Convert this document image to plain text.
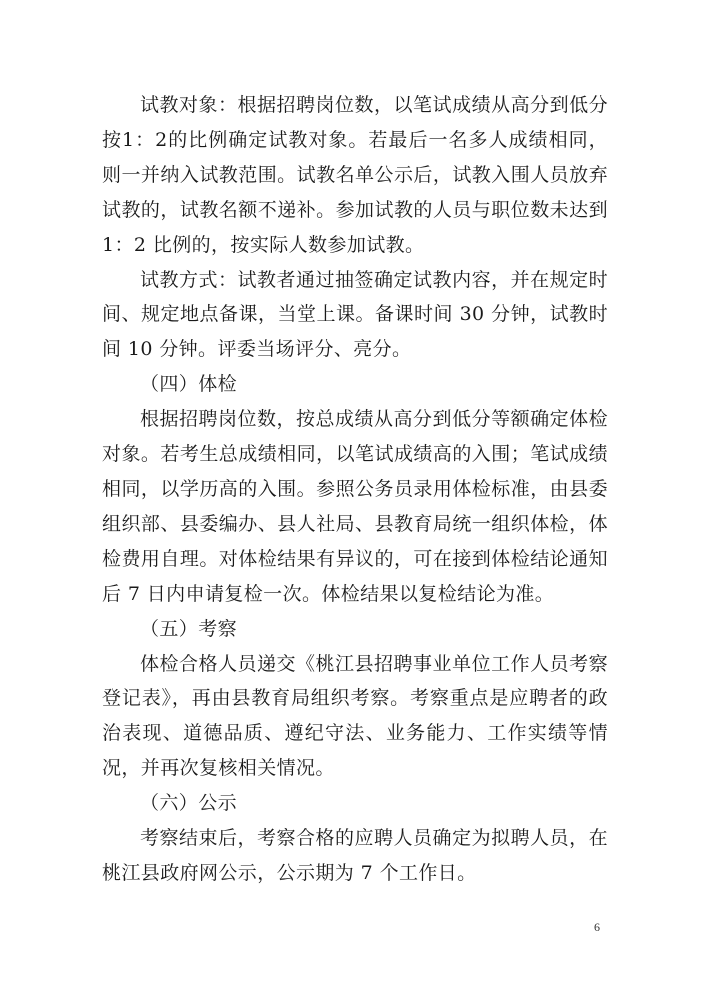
试教对象：根据招聘岗位数，以笔试成绩从高分到低分按1：2的比例确定试教对象。若最后一名多人成绩相同，则一并纳入试教范围。试教名单公示后，试教入围人员放弃试教的，试教名额不递补。参加试教的人员与职位数未达到 1：2 比例的，按实际人数参加试教。

试教方式：试教者通过抽签确定试教内容，并在规定时间、规定地点备课，当堂上课。备课时间 30 分钟，试教时间 10 分钟。评委当场评分、亮分。

（四）体检

根据招聘岗位数，按总成绩从高分到低分等额确定体检对象。若考生总成绩相同，以笔试成绩高的入围；笔试成绩相同，以学历高的入围。参照公务员录用体检标准，由县委组织部、县委编办、县人社局、县教育局统一组织体检，体检费用自理。对体检结果有异议的，可在接到体检结论通知后 7 日内申请复检一次。体检结果以复检结论为准。

（五）考察

体检合格人员递交《桃江县招聘事业单位工作人员考察登记表》，再由县教育局组织考察。考察重点是应聘者的政治表现、道德品质、遵纪守法、业务能力、工作实绩等情况，并再次复核相关情况。

（六）公示

考察结束后，考察合格的应聘人员确定为拟聘人员，在桃江县政府网公示，公示期为 7 个工作日。

6
